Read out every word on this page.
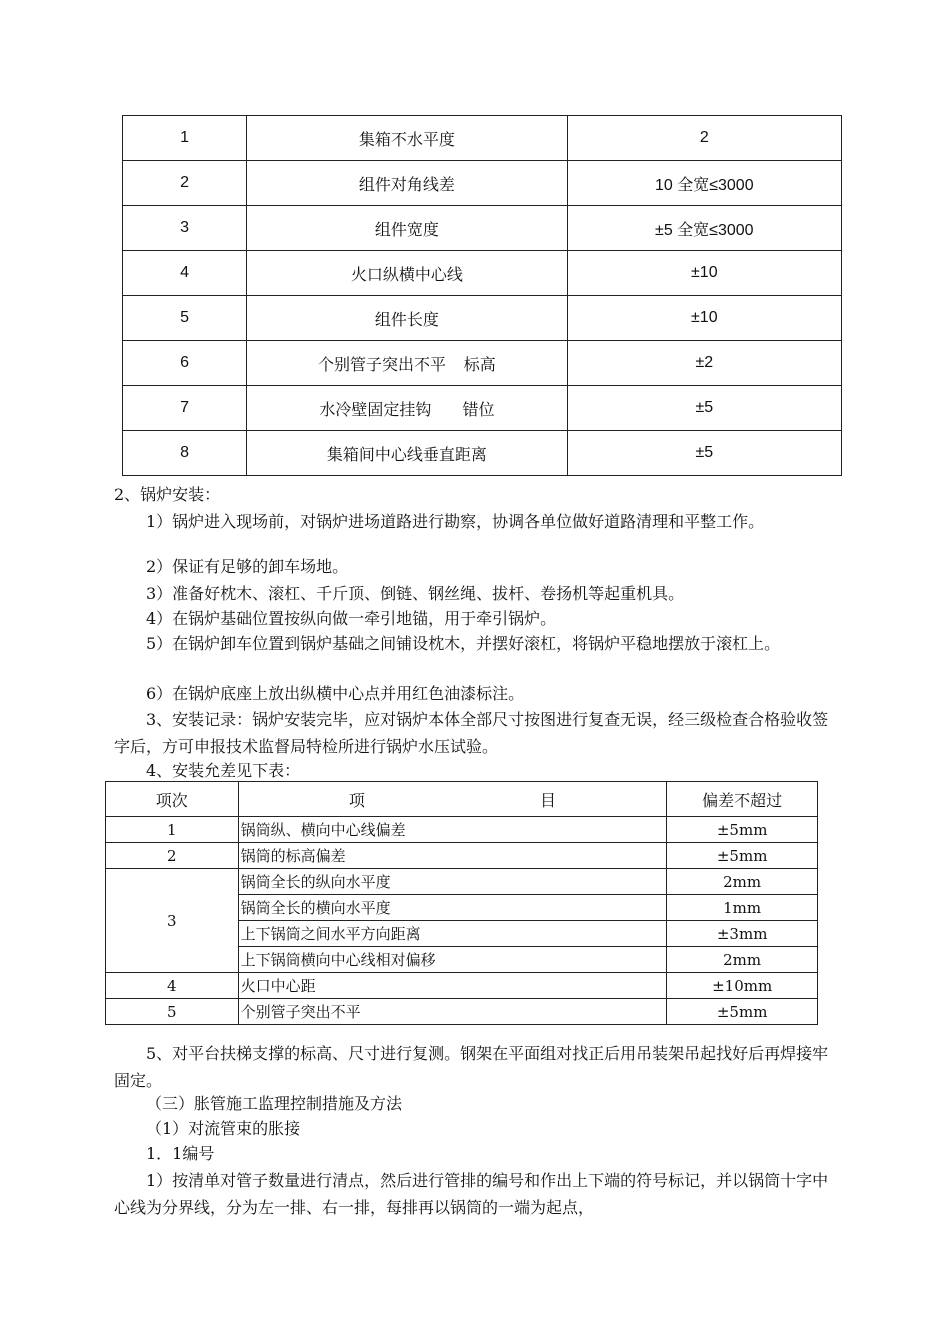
1	集箱不水平度	2
2	组件对角线差	10 全宽≤3000
3	组件宽度	±5 全宽≤3000
4	火口纵横中心线	±10
5	组件长度	±10
6	个别管子突出不平    标高	±2
7	水冷壁固定挂钩       错位	±5
8	集箱间中心线垂直距离	±5

2、锅炉安装：

1）锅炉进入现场前，对锅炉进场道路进行勘察，协调各单位做好道路清理和平整工作。

2）保证有足够的卸车场地。

3）准备好枕木、滚杠、千斤顶、倒链、钢丝绳、拔杆、卷扬机等起重机具。

4）在锅炉基础位置按纵向做一牵引地锚，用于牵引锅炉。

5）在锅炉卸车位置到锅炉基础之间铺设枕木，并摆好滚杠，将锅炉平稳地摆放于滚杠上。

6）在锅炉底座上放出纵横中心点并用红色油漆标注。

3、安装记录：锅炉安装完毕，应对锅炉本体全部尺寸按图进行复查无误，经三级检查合格验收签字后，方可申报技术监督局特检所进行锅炉水压试验。

4、安装允差见下表：

项次	项 目	偏差不超过
1	锅筒纵、横向中心线偏差	±5mm
2	锅筒的标高偏差	±5mm
3	锅筒全长的纵向水平度	2mm
	锅筒全长的横向水平度	1mm
	上下锅筒之间水平方向距离	±3mm
	上下锅筒横向中心线相对偏移	2mm
4	火口中心距	±10mm
5	个别管子突出不平	±5mm

5、对平台扶梯支撑的标高、尺寸进行复测。钢架在平面组对找正后用吊装架吊起找好后再焊接牢固定。

（三）胀管施工监理控制措施及方法

（1）对流管束的胀接

1．1编号

1）按清单对管子数量进行清点，然后进行管排的编号和作出上下端的符号标记，并以锅筒十字中心线为分界线，分为左一排、右一排，每排再以锅筒的一端为起点，
